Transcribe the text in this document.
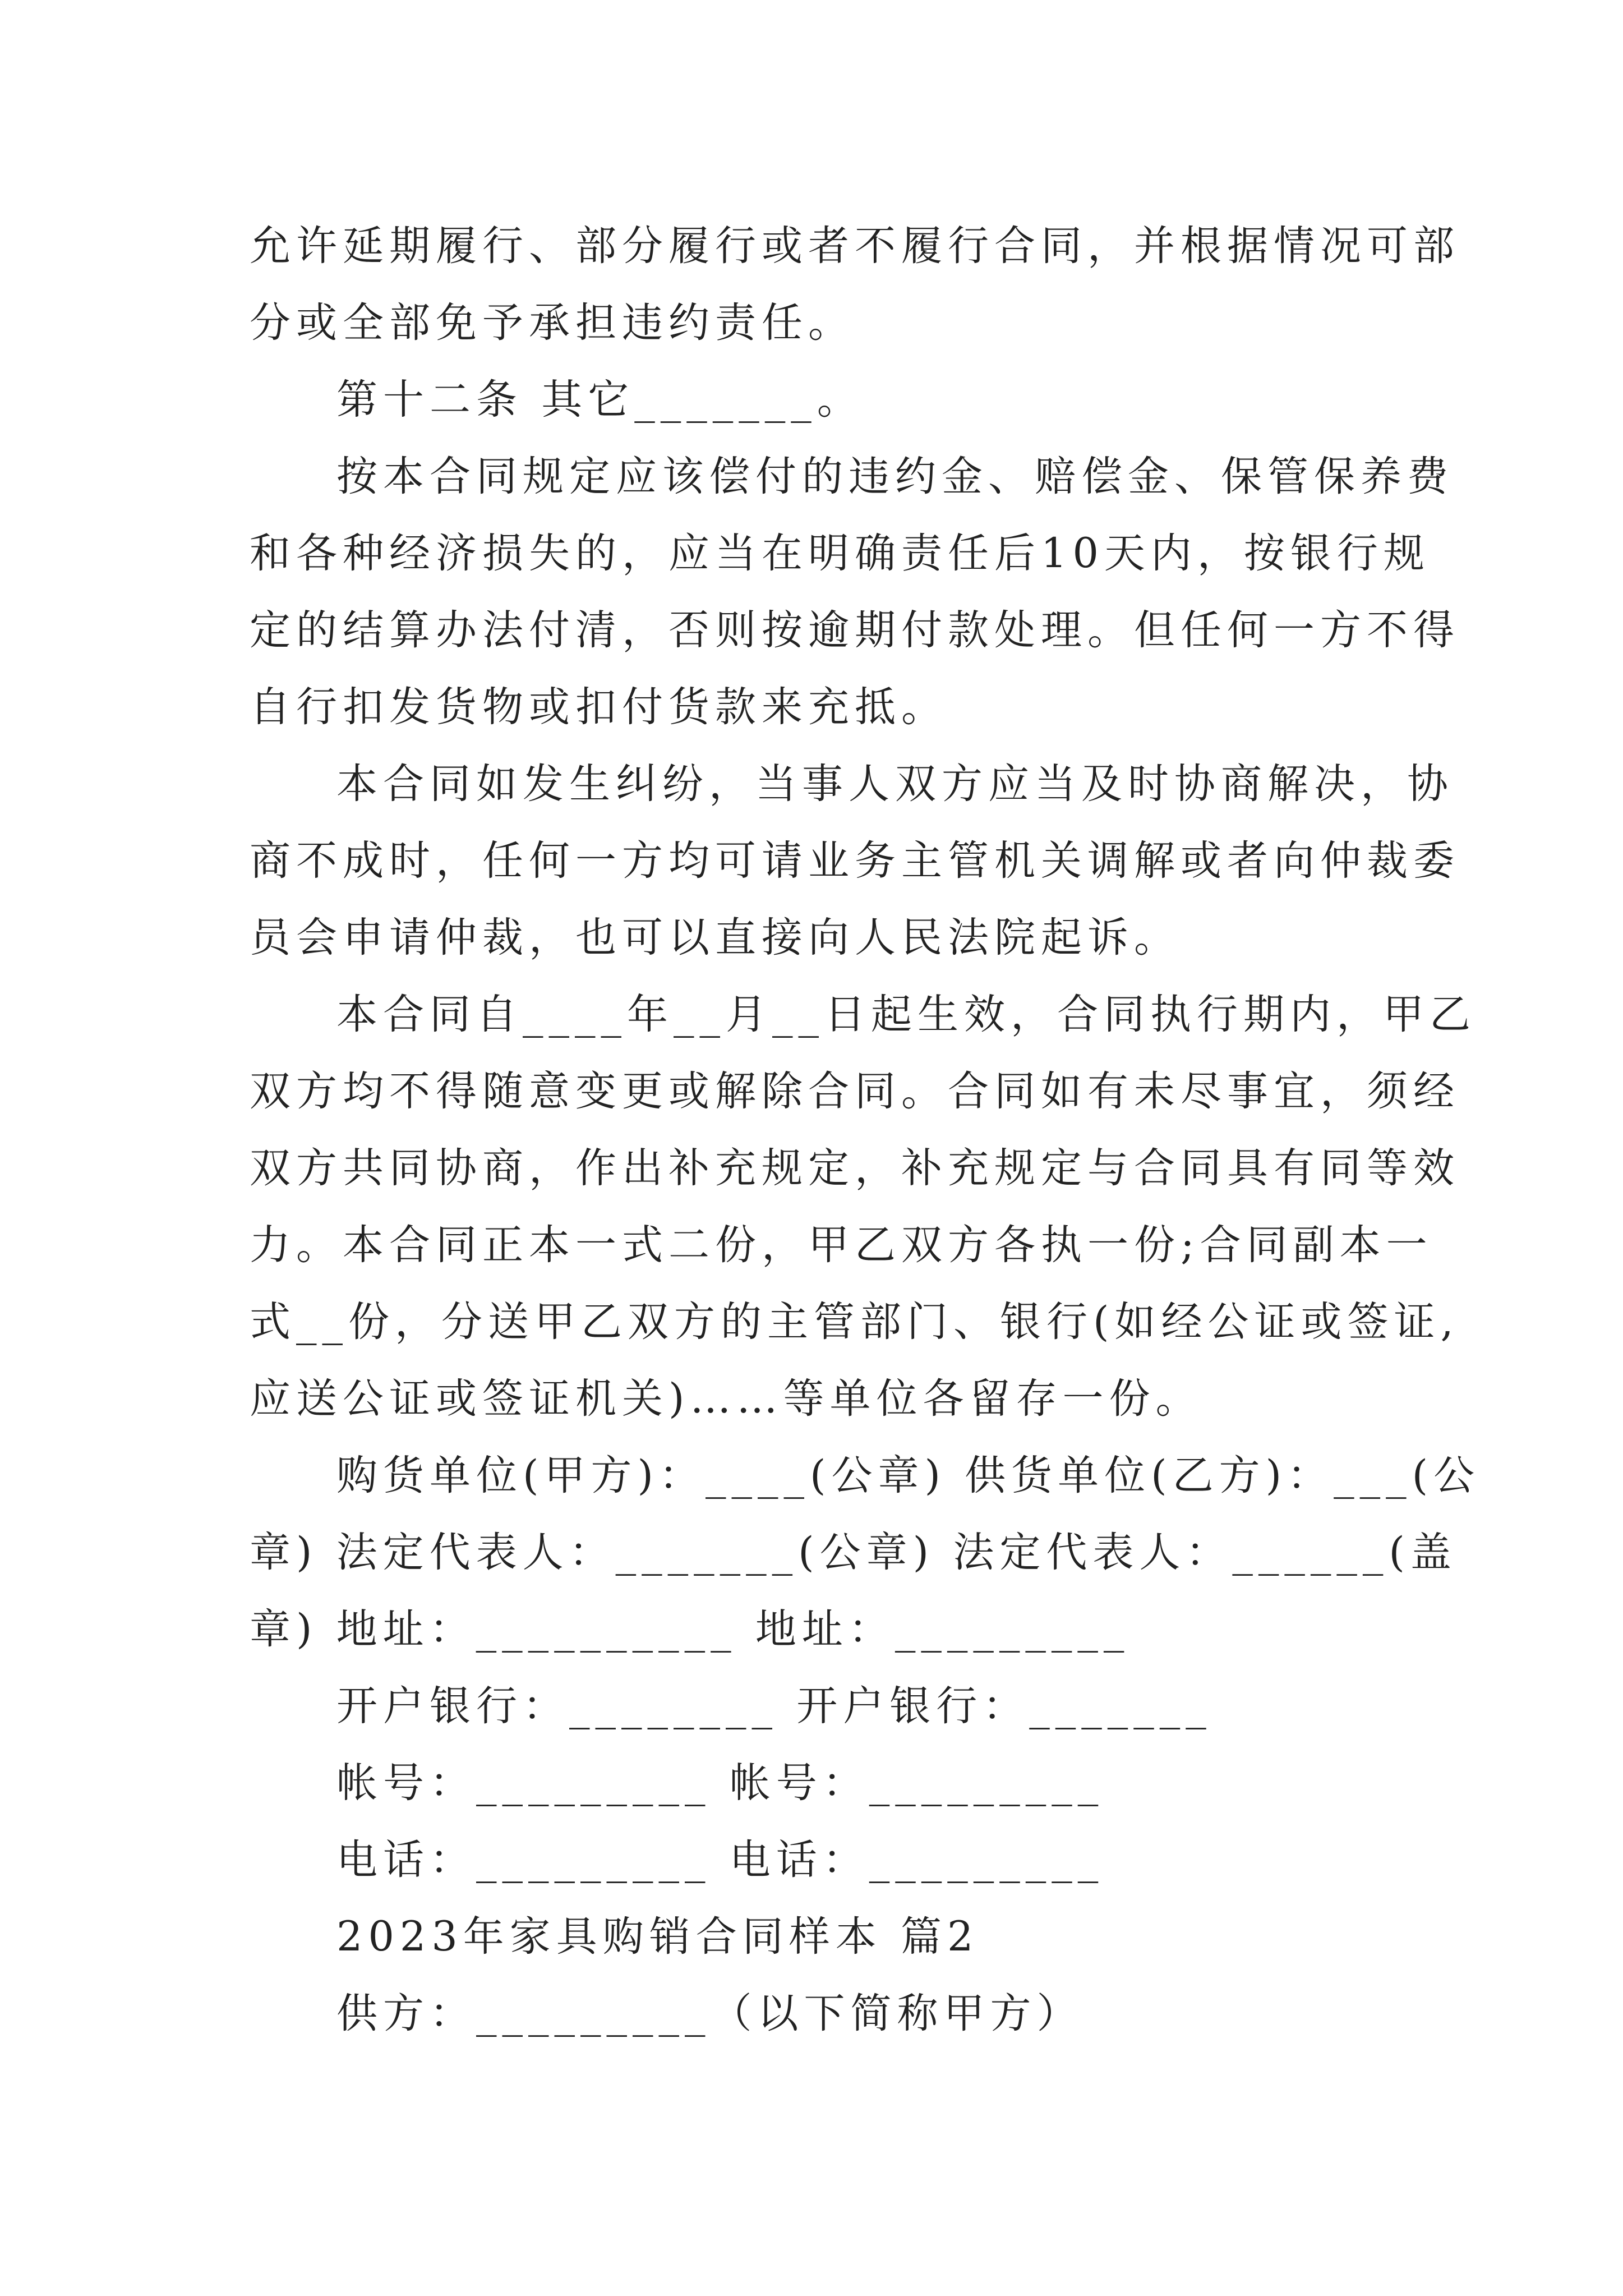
允许延期履行、部分履行或者不履行合同，并根据情况可部
分或全部免予承担违约责任。
第十二条 其它_______。
按本合同规定应该偿付的违约金、赔偿金、保管保养费
和各种经济损失的，应当在明确责任后10天内，按银行规
定的结算办法付清，否则按逾期付款处理。但任何一方不得
自行扣发货物或扣付货款来充抵。
本合同如发生纠纷，当事人双方应当及时协商解决，协
商不成时，任何一方均可请业务主管机关调解或者向仲裁委
员会申请仲裁，也可以直接向人民法院起诉。
本合同自____年__月__日起生效，合同执行期内，甲乙
双方均不得随意变更或解除合同。合同如有未尽事宜，须经
双方共同协商，作出补充规定，补充规定与合同具有同等效
力。本合同正本一式二份，甲乙双方各执一份;合同副本一
式__份，分送甲乙双方的主管部门、银行(如经公证或签证,
应送公证或签证机关)……等单位各留存一份。
购货单位(甲方)：____(公章) 供货单位(乙方)：___(公
章) 法定代表人：_______(公章) 法定代表人：______(盖
章) 地址：__________ 地址：_________
开户银行：________ 开户银行：_______
帐号：_________ 帐号：_________
电话：_________ 电话：_________
2023年家具购销合同样本 篇2
供方：_________（以下简称甲方）
